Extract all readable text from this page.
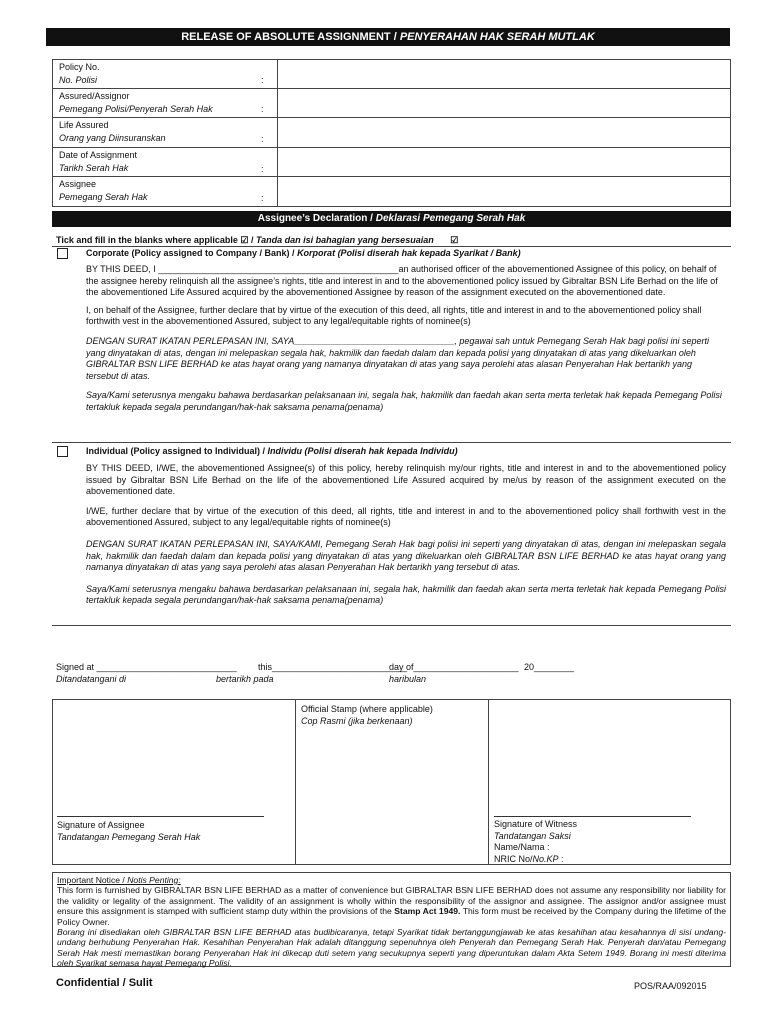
RELEASE OF ABSOLUTE ASSIGNMENT / PENYERAHAN HAK SERAH MUTLAK
Policy No.
No. Polisi	:
Assured/Assignor
Pemegang Polisi/Penyerah Serah Hak	:
Life Assured
Orang yang Diinsuranskan	:
Date of Assignment
Tarikh Serah Hak	:
Assignee
Pemegang Serah Hak	:
Assignee’s Declaration / Deklarasi Pemegang Serah Hak
Tick and fill in the blanks where applicable ☑ / Tanda dan isi bahagian yang bersesuaian ☑
Corporate (Policy assigned to Company / Bank) / Korporat (Polisi diserah hak kepada Syarikat / Bank)

BY THIS DEED, I ________________________________________________an authorised officer of the abovementioned Assignee of this policy, on behalf of the assignee hereby relinquish all the assignee’s rights, title and interest in and to the abovementioned policy issued by Gibraltar BSN Life Berhad on the life of the abovementioned Life Assured acquired by the abovementioned Assignee by reason of the assignment executed on the abovementioned date.

I, on behalf of the Assignee, further declare that by virtue of the execution of this deed, all rights, title and interest in and to the abovementioned policy shall forthwith vest in the abovementioned Assured, subject to any legal/equitable rights of nominee(s)

DENGAN SURAT IKATAN PERLEPASAN INI, SAYA________________________________, pegawai sah untuk Pemegang Serah Hak bagi polisi ini seperti yang dinyatakan di atas, dengan ini melepaskan segala hak, hakmilik dan faedah dalam dan kepada polisi yang dinyatakan di atas yang dikeluarkan oleh GIBRALTAR BSN LIFE BERHAD ke atas hayat orang yang namanya dinyatakan di atas yang saya perolehi atas alasan Penyerahan Hak bertarikh yang tersebut di atas.

Saya/Kami seterusnya mengaku bahawa berdasarkan pelaksanaan ini, segala hak, hakmilik dan faedah akan serta merta terletak hak kepada Pemegang Polisi tertakluk kepada segala perundangan/hak-hak saksama penama(penama)

Individual (Policy assigned to Individual) / Individu (Polisi diserah hak kepada Individu)

BY THIS DEED, I/WE, the abovementioned Assignee(s) of this policy, hereby relinquish my/our rights, title and interest in and to the abovementioned policy issued by Gibraltar BSN Life Berhad on the life of the abovementioned Life Assured acquired by me/us by reason of the assignment executed on the abovementioned date.

I/WE, further declare that by virtue of the execution of this deed, all rights, title and interest in and to the abovementioned policy shall forthwith vest in the abovementioned Assured, subject to any legal/equitable rights of nominee(s)

DENGAN SURAT IKATAN PERLEPASAN INI, SAYA/KAMI, Pemegang Serah Hak bagi polisi ini seperti yang dinyatakan di atas, dengan ini melepaskan segala hak, hakmilik dan faedah dalam dan kepada polisi yang dinyatakan di atas yang dikeluarkan oleh GIBRALTAR BSN LIFE BERHAD ke atas hayat orang yang namanya dinyatakan di atas yang saya perolehi atas alasan Penyerahan Hak bertarikh yang tersebut di atas.

Saya/Kami seterusnya mengaku bahawa berdasarkan pelaksanaan ini, segala hak, hakmilik dan faedah akan serta merta terletak hak kepada Pemegang Polisi tertakluk kepada segala perundangan/hak-hak saksama penama(penama)

Signed at ____________________________ this___________________________
day of_____________________ 20________
Ditandatangani di	bertarikh pada	haribulan
Official Stamp (where applicable)
Cop Rasmi (jika berkenaan)
Signature of Assignee
Tandatangan Pemegang Serah Hak
Signature of Witness
Tandatangan Saksi
Name/Nama :
NRIC No/No.KP :
Important Notice / Notis Penting:

This form is furnished by GIBRALTAR BSN LIFE BERHAD as a matter of convenience but GIBRALTAR BSN LIFE BERHAD does not assume any responsibility nor liability for the validity or legality of the assignment. The validity of an assignment is wholly within the responsibility of the assignor and assignee. The assignor and/or assignee must ensure this assignment is stamped with sufficient stamp duty within the provisions of the Stamp Act 1949. This form must be received by the Company during the lifetime of the Policy Owner.

Borang ini disediakan oleh GIBRALTAR BSN LIFE BERHAD atas budibicaranya, tetapi Syarikat tidak bertanggungjawab ke atas kesahihan atau kesahannya di sisi undang-undang berhubung Penyerahan Hak. Kesahihan Penyerahan Hak adalah ditanggung sepenuhnya oleh Penyerah dan Pemegang Serah Hak. Penyerah dan/atau Pemegang Serah Hak mesti memastikan borang Penyerahan Hak ini dikecap duti setem yang secukupnya seperti yang diperuntukan dalam Akta Setem 1949. Borang ini mesti diterima oleh Syarikat semasa hayat Pemegang Polisi.

Confidential / Sulit	POS/RAA/092015
